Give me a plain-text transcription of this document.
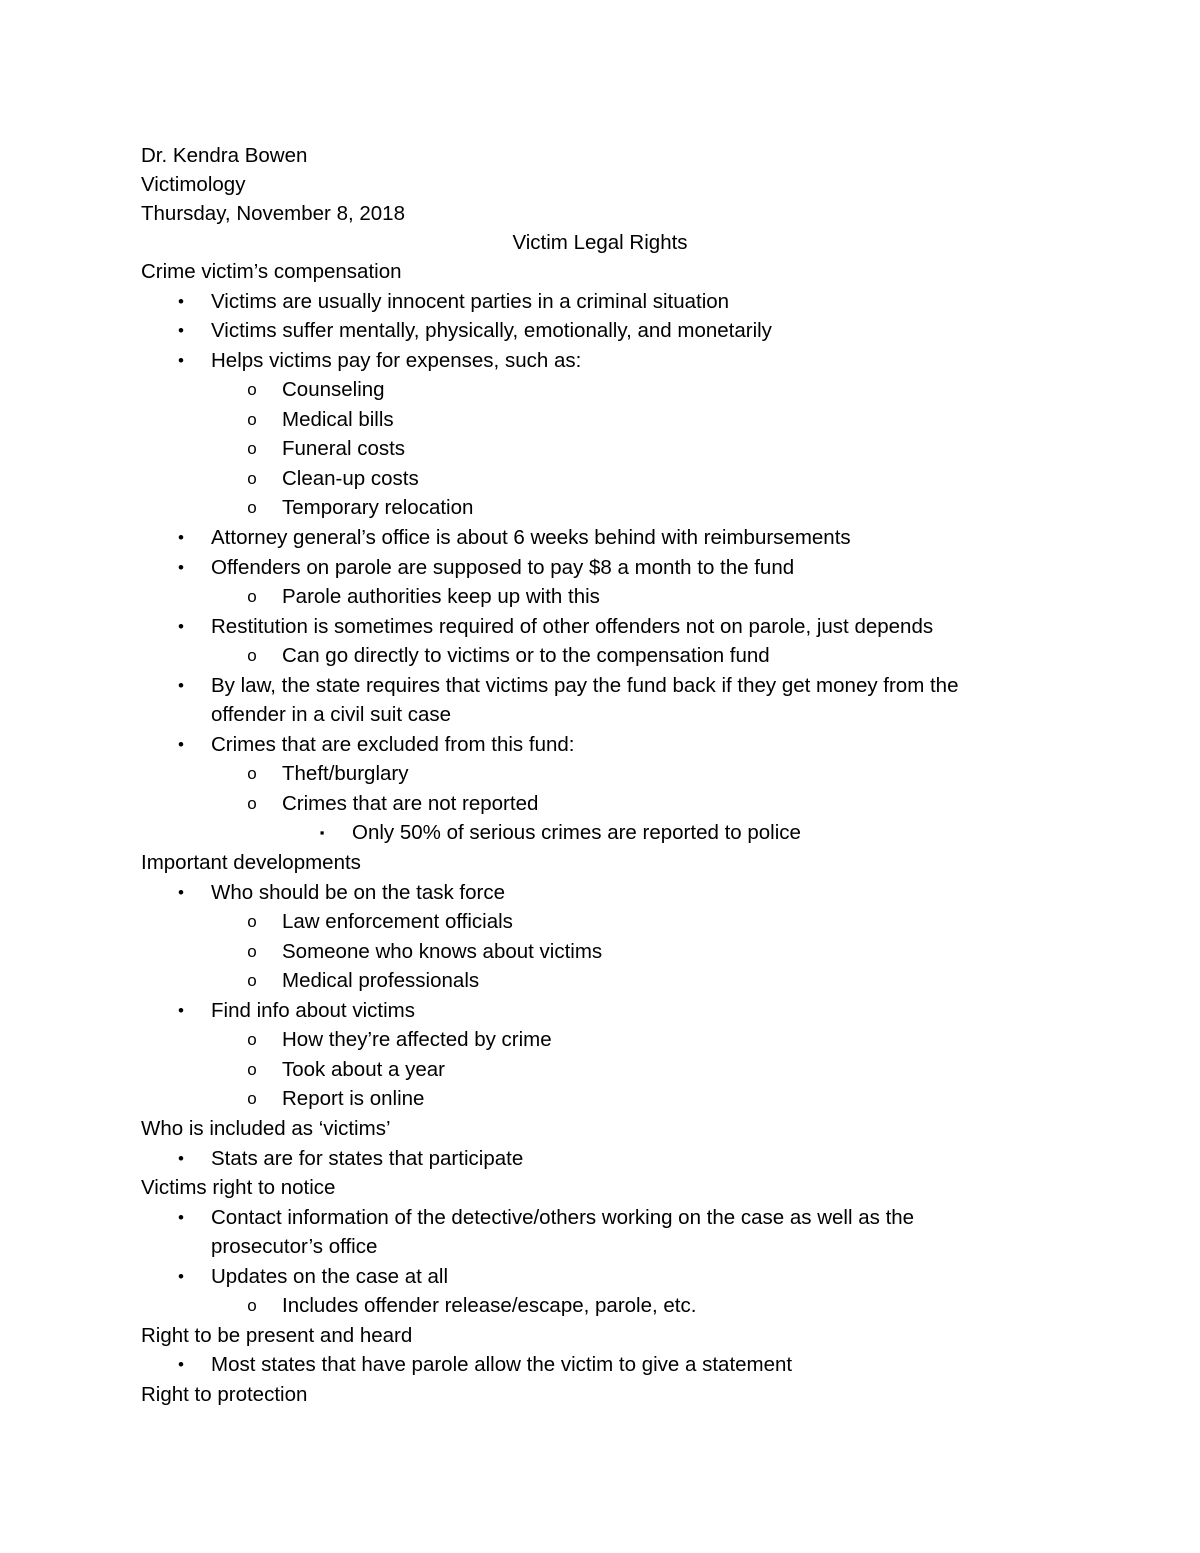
Dr. Kendra Bowen
Victimology
Thursday, November 8, 2018
Victim Legal Rights
Crime victim’s compensation
•	Victims are usually innocent parties in a criminal situation
•	Victims suffer mentally, physically, emotionally, and monetarily
•	Helps victims pay for expenses, such as:
o Counseling
o Medical bills
o Funeral costs
o Clean-up costs
o Temporary relocation
•	Attorney general’s office is about 6 weeks behind with reimbursements
•	Offenders on parole are supposed to pay $8 a month to the fund
o Parole authorities keep up with this
•	Restitution is sometimes required of other offenders not on parole, just depends
o Can go directly to victims or to the compensation fund
•	By law, the state requires that victims pay the fund back if they get money from the
offender in a civil suit case
•	Crimes that are excluded from this fund:
o Theft/burglary
o Crimes that are not reported
▪	Only 50% of serious crimes are reported to police
Important developments
•	Who should be on the task force
o Law enforcement officials
o Someone who knows about victims
o Medical professionals
•	Find info about victims
o How they’re affected by crime
o Took about a year
o Report is online
Who is included as ‘victims’
•	Stats are for states that participate
Victims right to notice
•	Contact information of the detective/others working on the case as well as the
prosecutor’s office
•	Updates on the case at all
o Includes offender release/escape, parole, etc.
Right to be present and heard
•	Most states that have parole allow the victim to give a statement
Right to protection
